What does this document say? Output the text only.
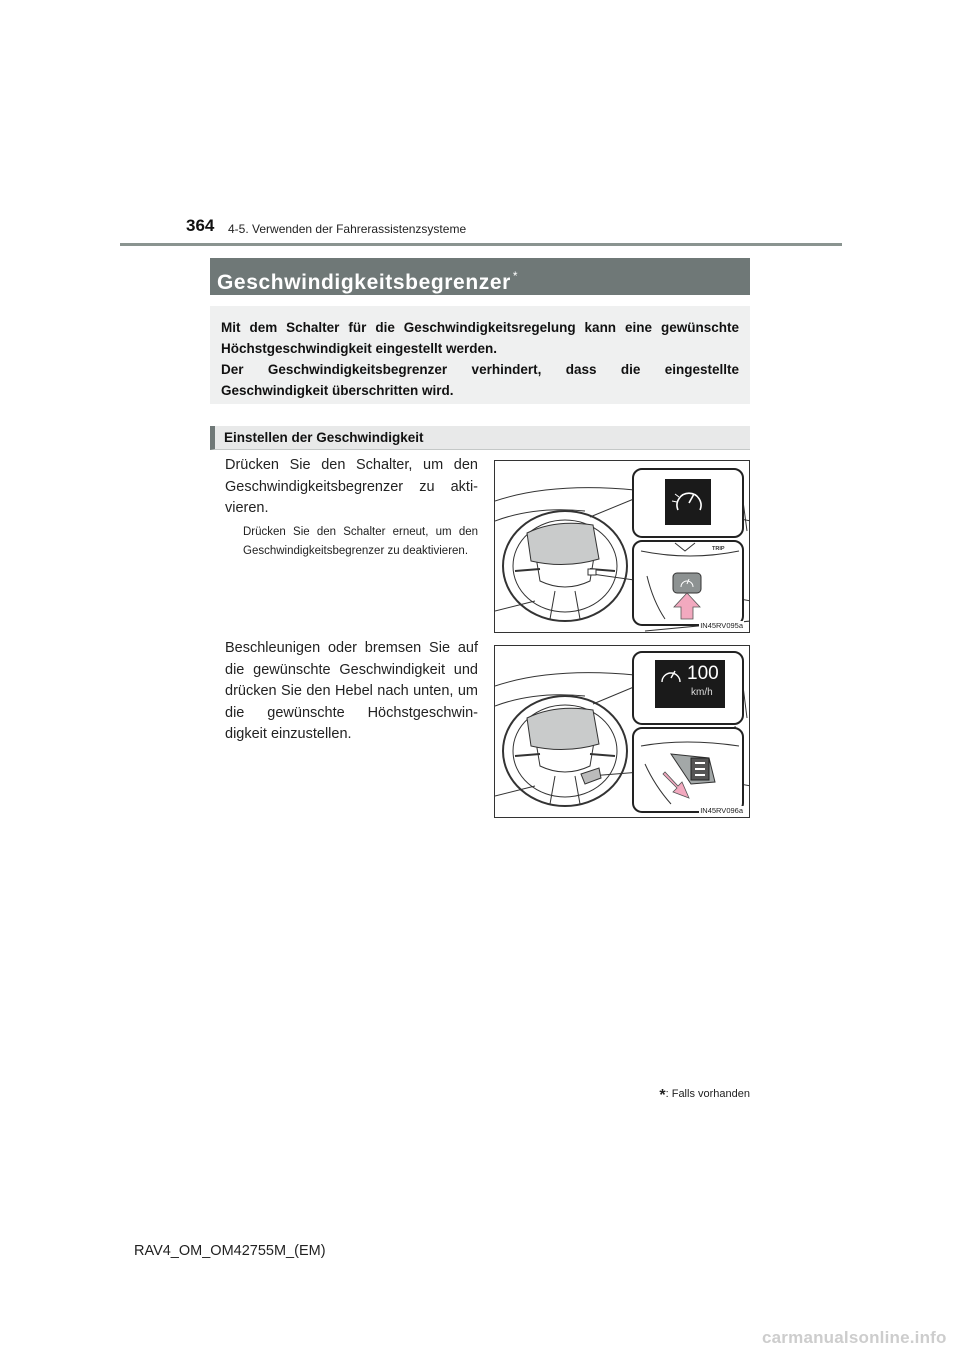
364 4-5. Verwenden der Fahrerassistenzsysteme
Geschwindigkeitsbegrenzer *

Mit dem Schalter für die Geschwindigkeitsregelung kann eine gewünschte Höchstgeschwindigkeit eingestellt werden.

Der Geschwindigkeitsbegrenzer verhindert, dass die eingestellte Geschwindigkeit überschritten wird.

Einstellen der Geschwindigkeit
Drücken Sie den Schalter, um den Geschwindigkeitsbegrenzer zu akti- vieren.
Drücken Sie den Schalter erneut, um den Geschwindigkeitsbegrenzer zu deaktivieren.	TRIP
IN45RV095a
Beschleunigen oder bremsen Sie auf die gewünschte Geschwindigkeit und drücken Sie den Hebel nach unten, um die gewünschte Höchstgeschwin- digkeit einzustellen.
100
km/h
IN45RV096a
*: Falls vorhanden
RAV4_OM_OM42755M_(EM)
carmanualsonline.info
